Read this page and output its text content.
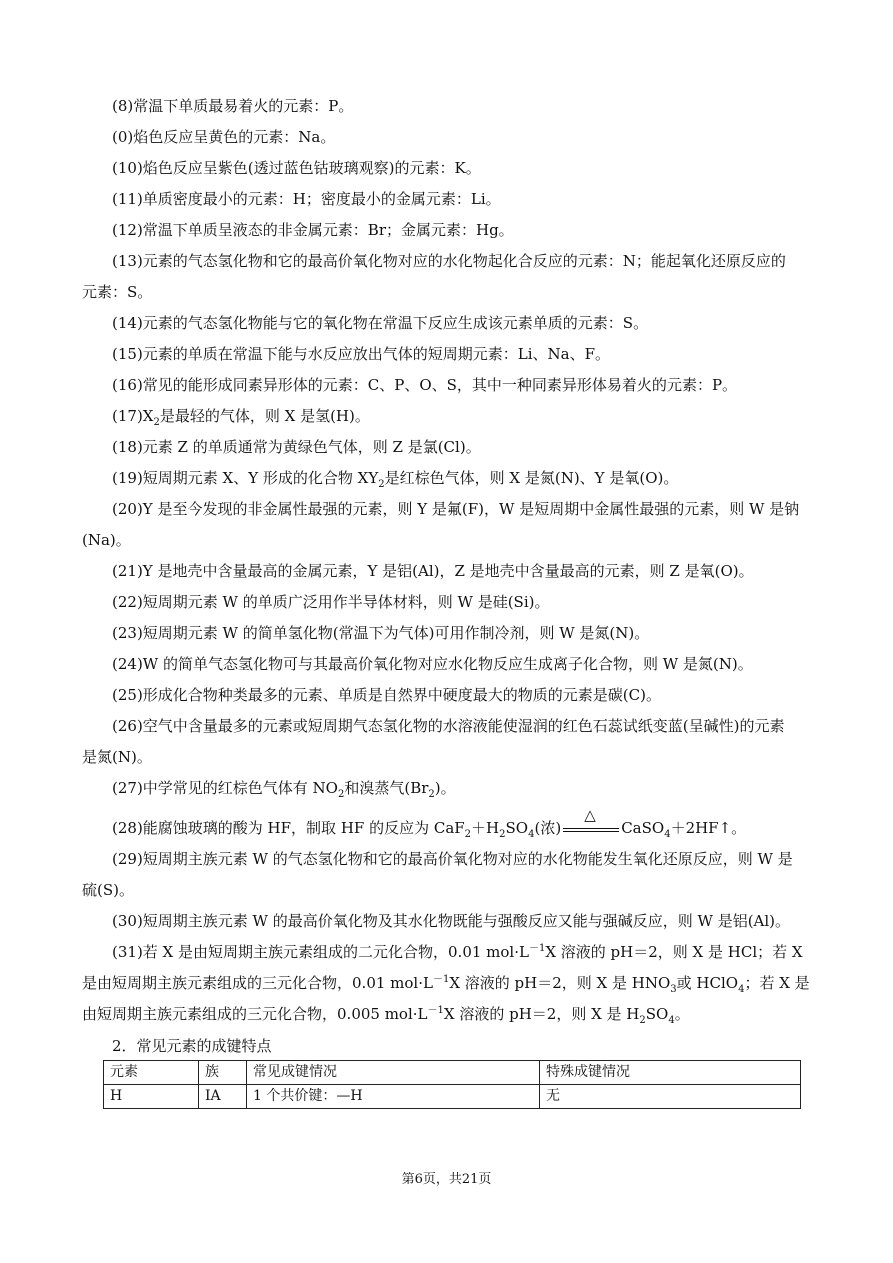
(8)常温下单质最易着火的元素：P。

(0)焰色反应呈黄色的元素：Na。

(10)焰色反应呈紫色(透过蓝色钴玻璃观察)的元素：K。

(11)单质密度最小的元素：H；密度最小的金属元素：Li。

(12)常温下单质呈液态的非金属元素：Br；金属元素：Hg。

(13)元素的气态氢化物和它的最高价氧化物对应的水化物起化合反应的元素：N；能起氧化还原反应的

元素：S。

(14)元素的气态氢化物能与它的氧化物在常温下反应生成该元素单质的元素：S。

(15)元素的单质在常温下能与水反应放出气体的短周期元素：Li、Na、F。

(16)常见的能形成同素异形体的元素：C、P、O、S，其中一种同素异形体易着火的元素：P。

$(17)X_2$是最轻的气体，则 X 是氢(H)。

(18)元素 Z 的单质通常为黄绿色气体，则 Z 是氯(Cl)。

(19)短周期元素 X、Y 形成的化合物 $XY_2$是红棕色气体，则 X 是氮(N)、Y 是氧(O)。

(20)Y 是至今发现的非金属性最强的元素，则 Y 是氟(F)，W 是短周期中金属性最强的元素，则 W 是钠

(Na)。

(21)Y 是地壳中含量最高的金属元素，Y 是铝(Al)，Z 是地壳中含量最高的元素，则 Z 是氧(O)。

(22)短周期元素 W 的单质广泛用作半导体材料，则 W 是硅(Si)。

(23)短周期元素 W 的简单氢化物(常温下为气体)可用作制冷剂，则 W 是氮(N)。

(24)W 的简单气态氢化物可与其最高价氧化物对应水化物反应生成离子化合物，则 W 是氮(N)。

(25)形成化合物种类最多的元素、单质是自然界中硬度最大的物质的元素是碳(C)。

(26)空气中含量最多的元素或短周期气态氢化物的水溶液能使湿润的红色石蕊试纸变蓝(呈碱性)的元素

是氮(N)。

(27)中学常见的红棕色气体有 $NO_2$和溴蒸气$(Br_2)$。

(28)能腐蚀玻璃的酸为 HF，制取 HF 的反应为 $CaF_2+H_2SO_4$(浓)
△
CaSO$_4$＋2HF↑。

(29)短周期主族元素 W 的气态氢化物和它的最高价氧化物对应的水化物能发生氧化还原反应，则 W 是

硫(S)。

(30)短周期主族元素 W 的最高价氧化物及其水化物既能与强酸反应又能与强碱反应，则 W 是铝(Al)。

(31)若 X 是由短周期主族元素组成的二元化合物，0.01 $mol\cdot L^{-1}X$ 溶液的 pH＝2，则 X 是 HCl；若 X

是由短周期主族元素组成的三元化合物，0.01 $mol\cdot L^{-1}X$ 溶液的 pH＝2，则 X 是 $HNO_3$或 HClO$_4$；若 X 是

由短周期主族元素组成的三元化合物，0.005 $mol\cdot L^{-1}X$ 溶液的 pH＝2，则 X 是 $H_2SO_4$。

2．常见元素的成键特点

元素	族	常见成键情况	特殊成键情况
H	ⅠA	1 个共价键：—H	无
第6页，共21页
